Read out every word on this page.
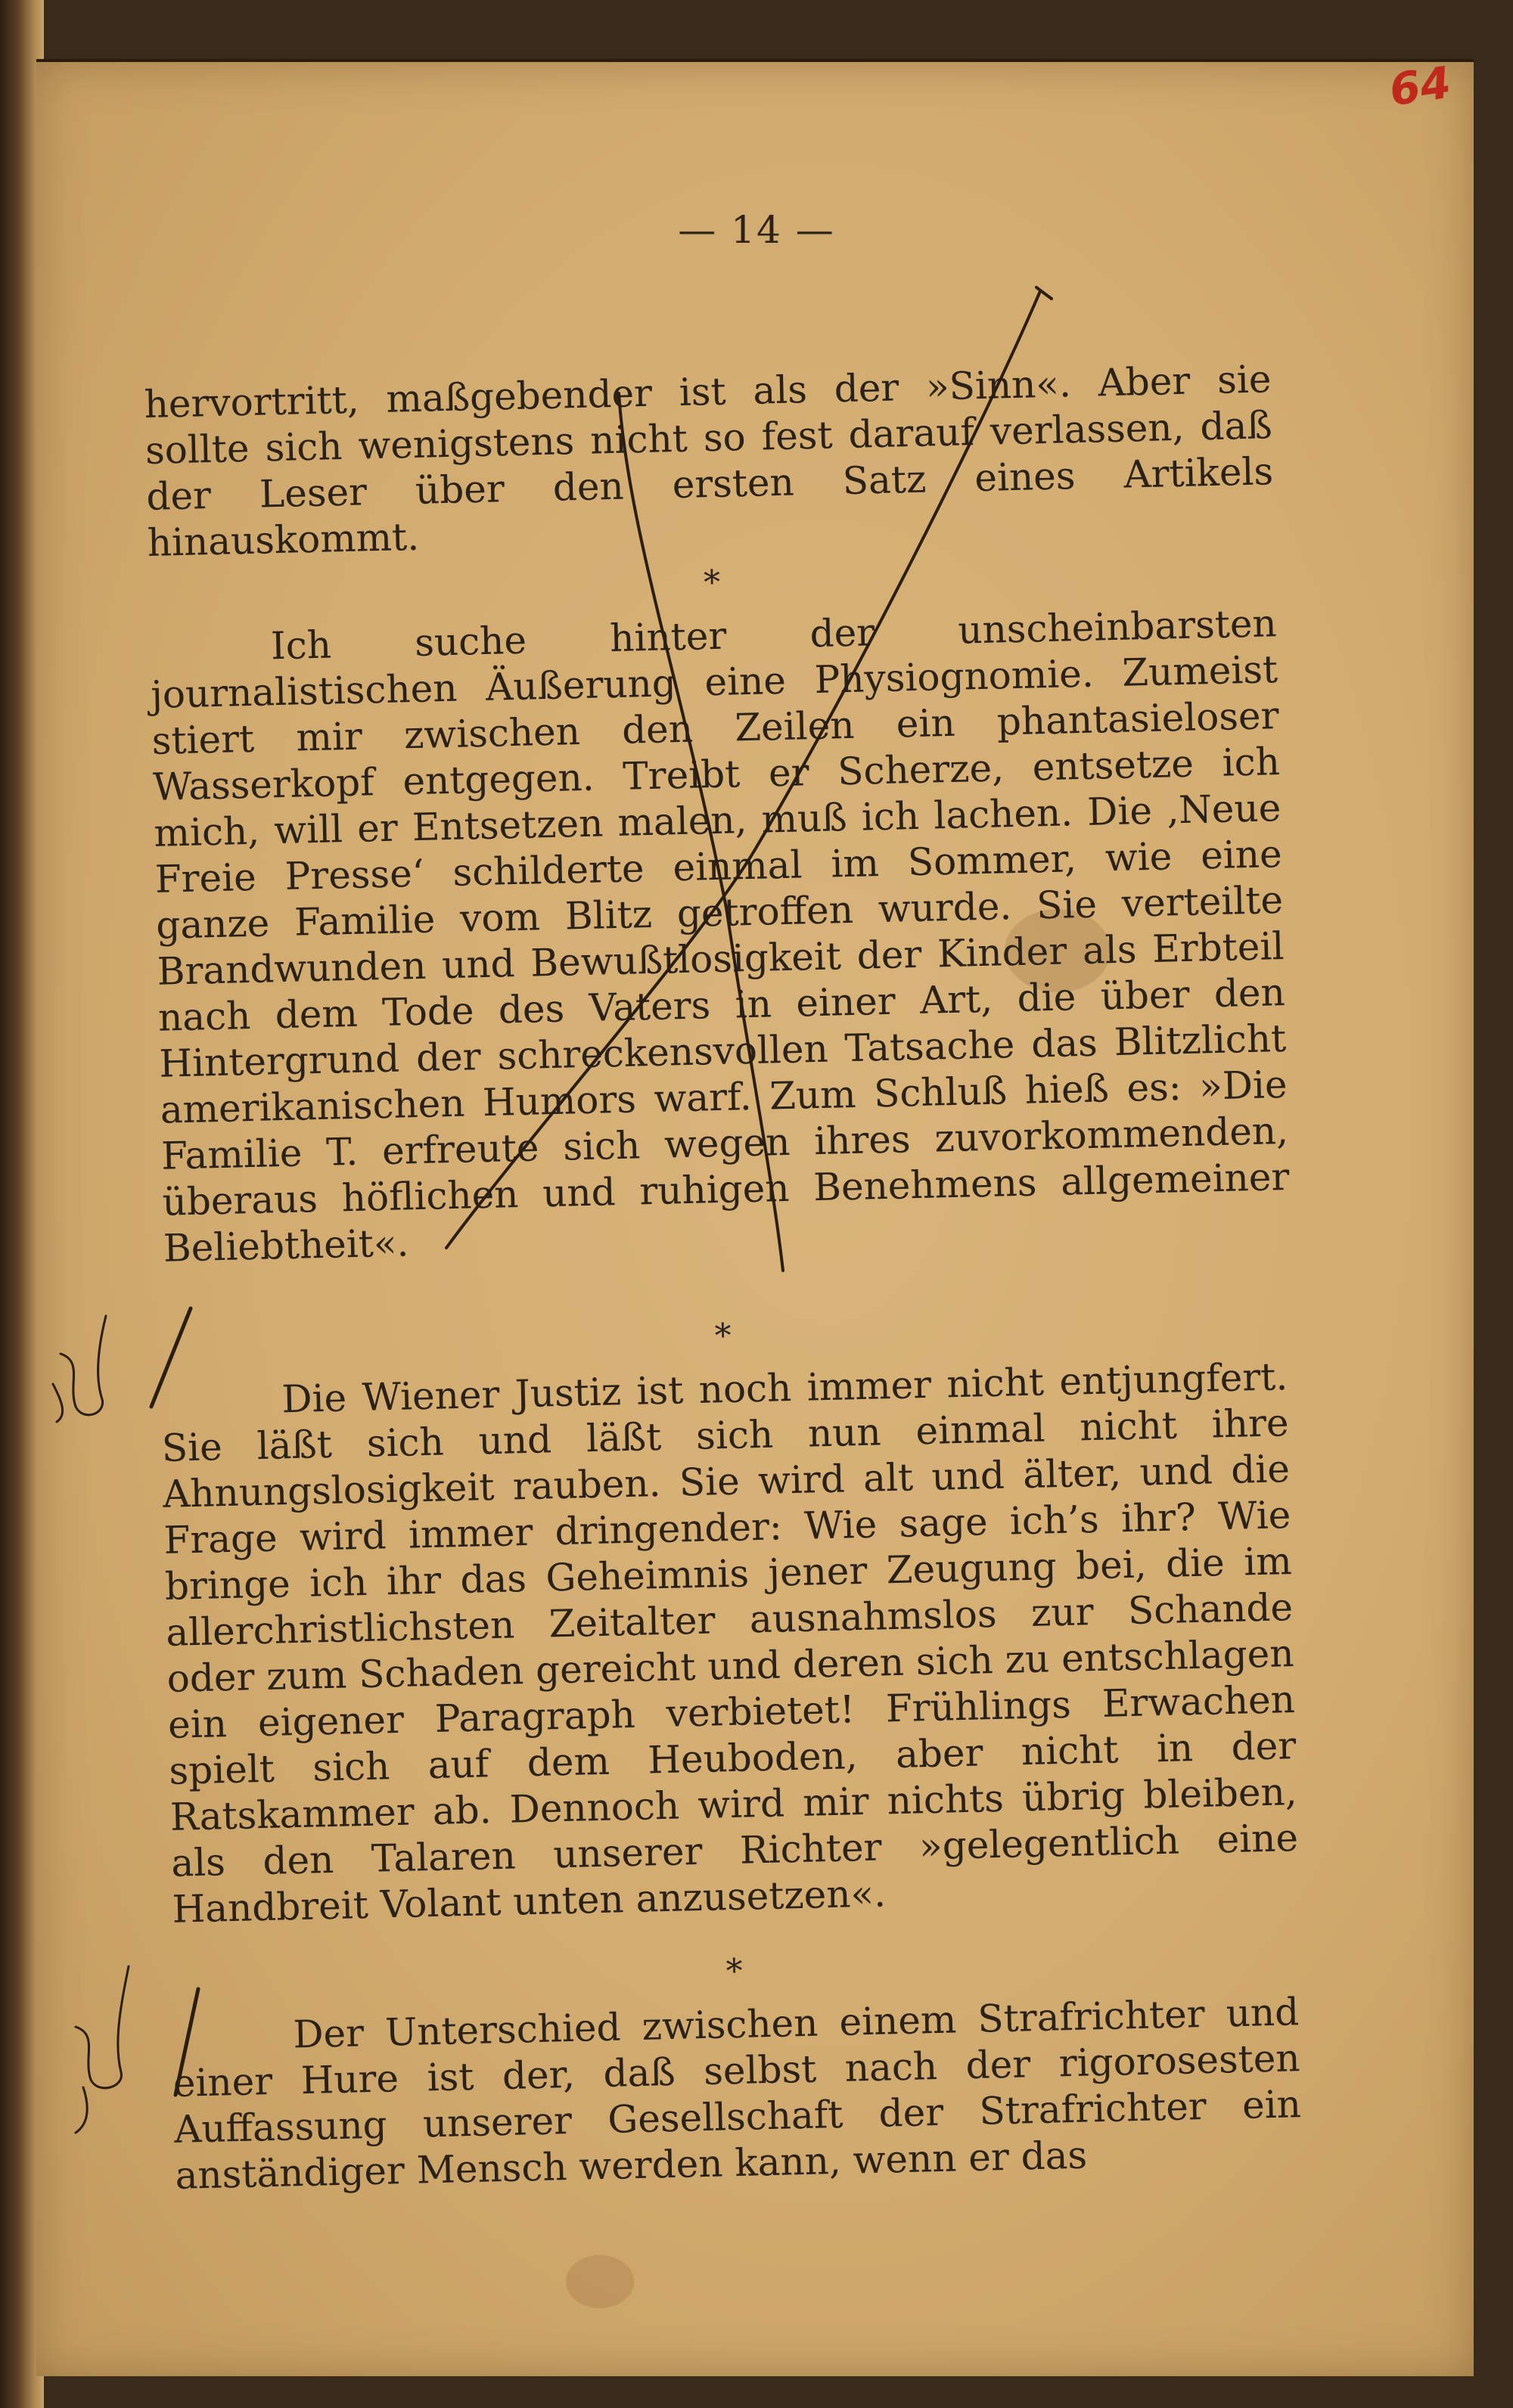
64
— 14 —

hervortritt, maßgebender ist als der »Sinn«. Aber sie sollte sich wenigstens nicht so fest darauf verlassen, daß der Leser über den ersten Satz eines Artikels hinauskommt.

*

Ich suche hinter der unscheinbarsten journalistischen Äußerung eine Physiognomie. Zumeist stiert mir zwischen den Zeilen ein phantasieloser Wasserkopf entgegen. Treibt er Scherze, entsetze ich mich, will er Entsetzen malen, muß ich lachen. Die ‚Neue Freie Presse‘ schilderte einmal im Sommer, wie eine ganze Familie vom Blitz getroffen wurde. Sie verteilte Brandwunden und Bewußtlosigkeit der Kinder als Erbteil nach dem Tode des Vaters in einer Art, die über den Hintergrund der schreckensvollen Tatsache das Blitzlicht amerikanischen Humors warf. Zum Schluß hieß es: »Die Familie T. erfreute sich wegen ihres zuvorkommenden, überaus höflichen und ruhigen Benehmens allgemeiner Beliebtheit«.

*

Die Wiener Justiz ist noch immer nicht entjungfert. Sie läßt sich und läßt sich nun einmal nicht ihre Ahnungslosigkeit rauben. Sie wird alt und älter, und die Frage wird immer dringender: Wie sage ich’s ihr? Wie bringe ich ihr das Geheimnis jener Zeugung bei, die im allerchristlichsten Zeitalter ausnahmslos zur Schande oder zum Schaden gereicht und deren sich zu entschlagen ein eigener Paragraph verbietet! Frühlings Erwachen spielt sich auf dem Heuboden, aber nicht in der Ratskammer ab. Dennoch wird mir nichts übrig bleiben, als den Talaren unserer Richter »gelegentlich eine Handbreit Volant unten anzusetzen«.

*

Der Unterschied zwischen einem Strafrichter und einer Hure ist der, daß selbst nach der rigorosesten Auffassung unserer Gesellschaft der Strafrichter ein anständiger Mensch werden kann, wenn er das
